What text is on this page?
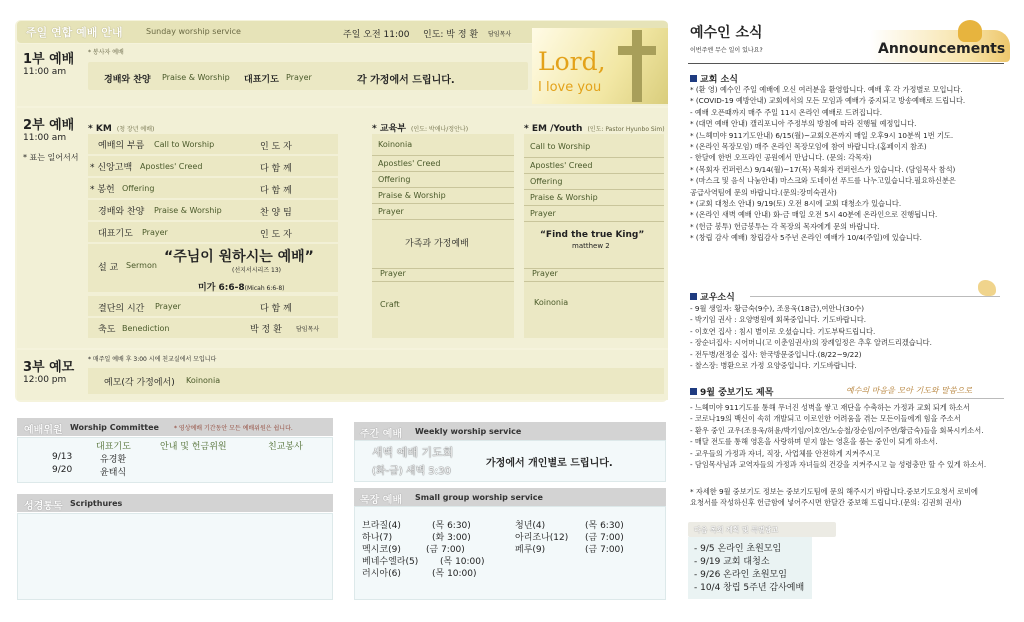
주일 연합 예배 안내	Sunday worship service	주일 오전 11:00 인도: 박 정 환 담임목사
1부 예배
11:00 am
* 봉사자 예배
경배와 찬양 Praise & Worship 대표기도 Prayer	각 가정에서 드립니다.
Lord,
I love you
2부 예배
11:00 am
* 표는 일어서서
* KM (청 장년 예배)
예배의 부름 Call to Worship	인 도 자
* 신앙고백 Apostles' Creed	다 함 께
* 봉헌 Offering	다 함 께
경배와 찬양 Praise & Worship	찬 양 팀
대표기도 Prayer	인 도 자
설 교 Sermon
“주님이 원하시는 예배”
(선지서시리즈 13)
미가 6:6-8(Micah 6:6-8)
결단의 시간 Prayer	다 함 께
축도 Benediction	박 정 환 담임목사
* 교육부 (인도: 박애나/정안나)
Koinonia
Apostles' Creed
Offering
Praise & Worship
Prayer
가족과 가정예배
Prayer
Craft
* EM /Youth (인도: Pastor Hyunbo Sim)
Call to Worship
Apostles' Creed
Offering
Praise & Worship
Prayer
“Find the true King”
matthew 2
Prayer
Koinonia
3부 예모
12:00 pm
* 매주일 예배 후 3:00 시에 친교실에서 모입니다
예모(각 가정에서) Koinonia
예배위원 Worship Committee	* 영상예배 기간동안 모든 예배위원은 쉽니다.
대표기도	안내 및 헌금위원	친교봉사
9/13	유경환
9/20	윤태식
성경통독 Scripthures
주간 예배 Weekly worship service
새벽 예배 기도회
(화-금) 새벽 5:30
가정에서 개인별로 드립니다.
목장 예배 Small group worship service
브라질(4)	(목 6:30)
하나(7)	(화 3:00)
멕시코(9)	(금 7:00)
베네수엘라(5) (목 10:00)
러시아(6)	(목 10:00)
청년(4)	(목 6:30)
아리조나(12) (금 7:00)
페루(9)	(금 7:00)
예수인 소식
이번주엔 무슨 일이 있나요?	Announcements
교회 소식
* (환 영) 예수인 주일 예배에 오신 여러분을 환영합니다. 예배 후 각 가정별로 모입니다.
* (COVID-19 예방안내) 교회에서의 모든 모임과 예배가 중지되고 방송예배로 드립니다.
- 예배 오픈때까지 매주 주일 11시 온라인 예배로 드려집니다.
* (대면 예배 안내) 캘리포니아 주정부의 방침에 따라 진행될 예정입니다.
* (느헤미야 911기도안내) 6/15(월)~교회오픈까지 매일 오후9시 10분씩 1번 기도.
* (온라인 목장모임) 매주 온라인 목장모임에 참여 바랍니다.(홈페이지 참조)
- 한달에 한번 오프라인 공원에서 만납니다. (문의: 각목자)
* (목회자 컨퍼런스) 9/14(월)~17(목) 목회자 컨퍼런스가 있습니다. (담임목사 참석)
* (마스크 및 음식 나눔안내) 마스크와 도네이션 푸드를 나누고있습니다.필요하신분은
공급사역팀에 문의 바랍니다.(문의:장미숙권사)
* (교회 대청소 안내) 9/19(토) 오전 8시에 교회 대청소가 있습니다.
* (온라인 새벽 예배 안내) 화-금 매일 오전 5시 40분에 온라인으로 진행됩니다.
* (헌금 봉투) 헌금봉투는 각 목장의 목자에게 문의 바랍니다.
* (창립 감사 예배) 창립감사 5주년 온라인 예배가 10/4(주일)에 있습니다.
교우소식
- 9월 생일자: 황금숙(9수), 조용욱(18금),여안나(30수)
- 박기임 권사 : 요양병원에 회복중입니다. 기도바랍니다.
- 이호연 집사 : 침시 별이로 오셨습니다. 기도부탁드립니다.
- 장순녀집사: 시어머니(고 이춘임권사)의 장례일정은 추후 알려드리겠습니다.
- 전두병/전정순 집사: 한국방문중입니다.(8/22~9/22)
- 찰스장: 병환으로 가정 요양중입니다. 기도바랍니다.
9월 중보기도 제목	예수의 마음을 모아 기도와 말씀으로
- 느헤미야 911기도를 통해 무너진 성벽을 쌓고 재단을 수축하는 가정과 교회 되게 하소서
- 코로나19의 백신이 속히 개발되고 이로인한 어려움을 겪는 모든이들에게 힘을 주소서
- 환우 중인 교우(조용욱/허윤/박기임/이호연/노승철/장순임/이주연/황금숙)들을 회복시키소서.
- 매달 전도를 통해 영혼을 사랑하며 믿지 않는 영혼을 품는 중인이 되게 하소서.
- 교우들의 가정과 자녀, 직장, 사업체를 안전하게 지켜주시고
- 담임목사님과 교역자들의 가정과 자녀들의 건강을 지켜주시고 늘 성령충만 할 수 있게 하소서.
* 자세한 9월 중보기도 정보는 중보기도팀에 문의 해주시기 바랍니다.중보기도요청서 로비에
요청서를 작성하신후 헌금함에 넣어주시면 한달간 중보해 드립니다.(문의: 김권희 권사)
다음 목회 계획 및 특별광고
- 9/5 온라인 초원모임
- 9/19 교회 대청소
- 9/26 온라인 초원모임
- 10/4 창립 5주년 감사예배
